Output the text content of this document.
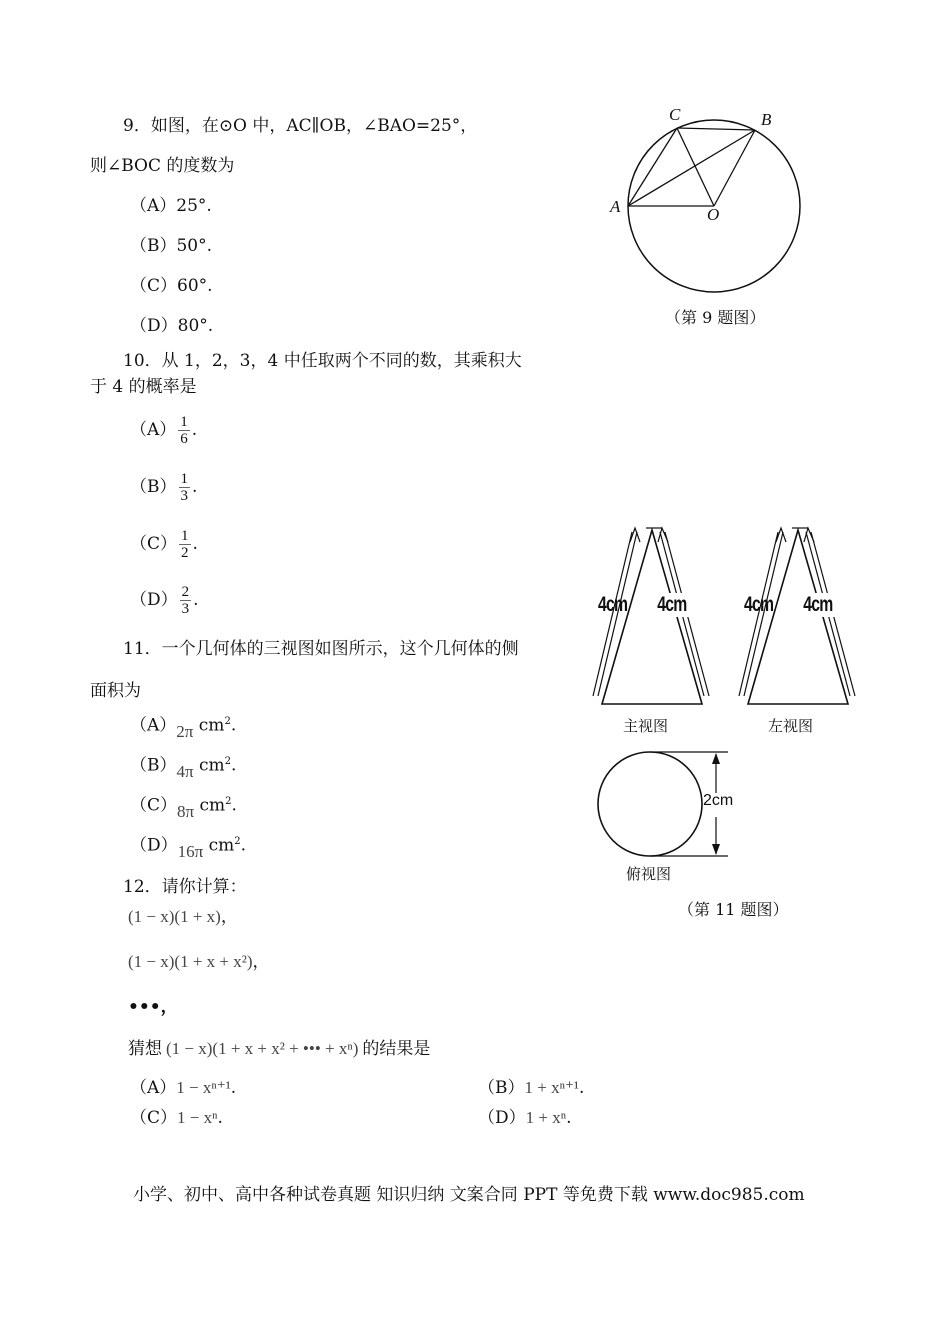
9．如图，在⊙O 中，AC∥OB，∠BAO=25°，
则∠BOC 的度数为
（A）25°.
（B）50°.
（C）60°.
（D）80°.
C	B
A	O
（第 9 题图）
10．从 1，2，3，4 中任取两个不同的数，其乘积大
于 4 的概率是
$(A) \frac{1}{6}$ .
$(B) \frac{1}{3}$ .
$(C) \frac{1}{2}$ .
$(D) \frac{2}{3}$ .
11．一个几何体的三视图如图所示，这个几何体的侧
面积为
（A）2π $cm^2$.
（B）4π $cm^2$.
（C）8π $cm^2$.
（D）16π $cm^2$.
4cm 4cm
主视图
4cm 4cm
左视图
2cm
俯视图
（第 11 题图）
12．请你计算：
(1 − x)(1 + x)，
(1 − x)(1 + x + x²)，
•••，
猜想 (1 − x)(1 + x + x² + ••• + xⁿ) 的结果是
（A）1 − xⁿ⁺¹.	（B）1 + xⁿ⁺¹.
（C）1 − xⁿ.	（D）1 + xⁿ.
小学、初中、高中各种试卷真题 知识归纳 文案合同 PPT 等免费下载 www.doc985.com
